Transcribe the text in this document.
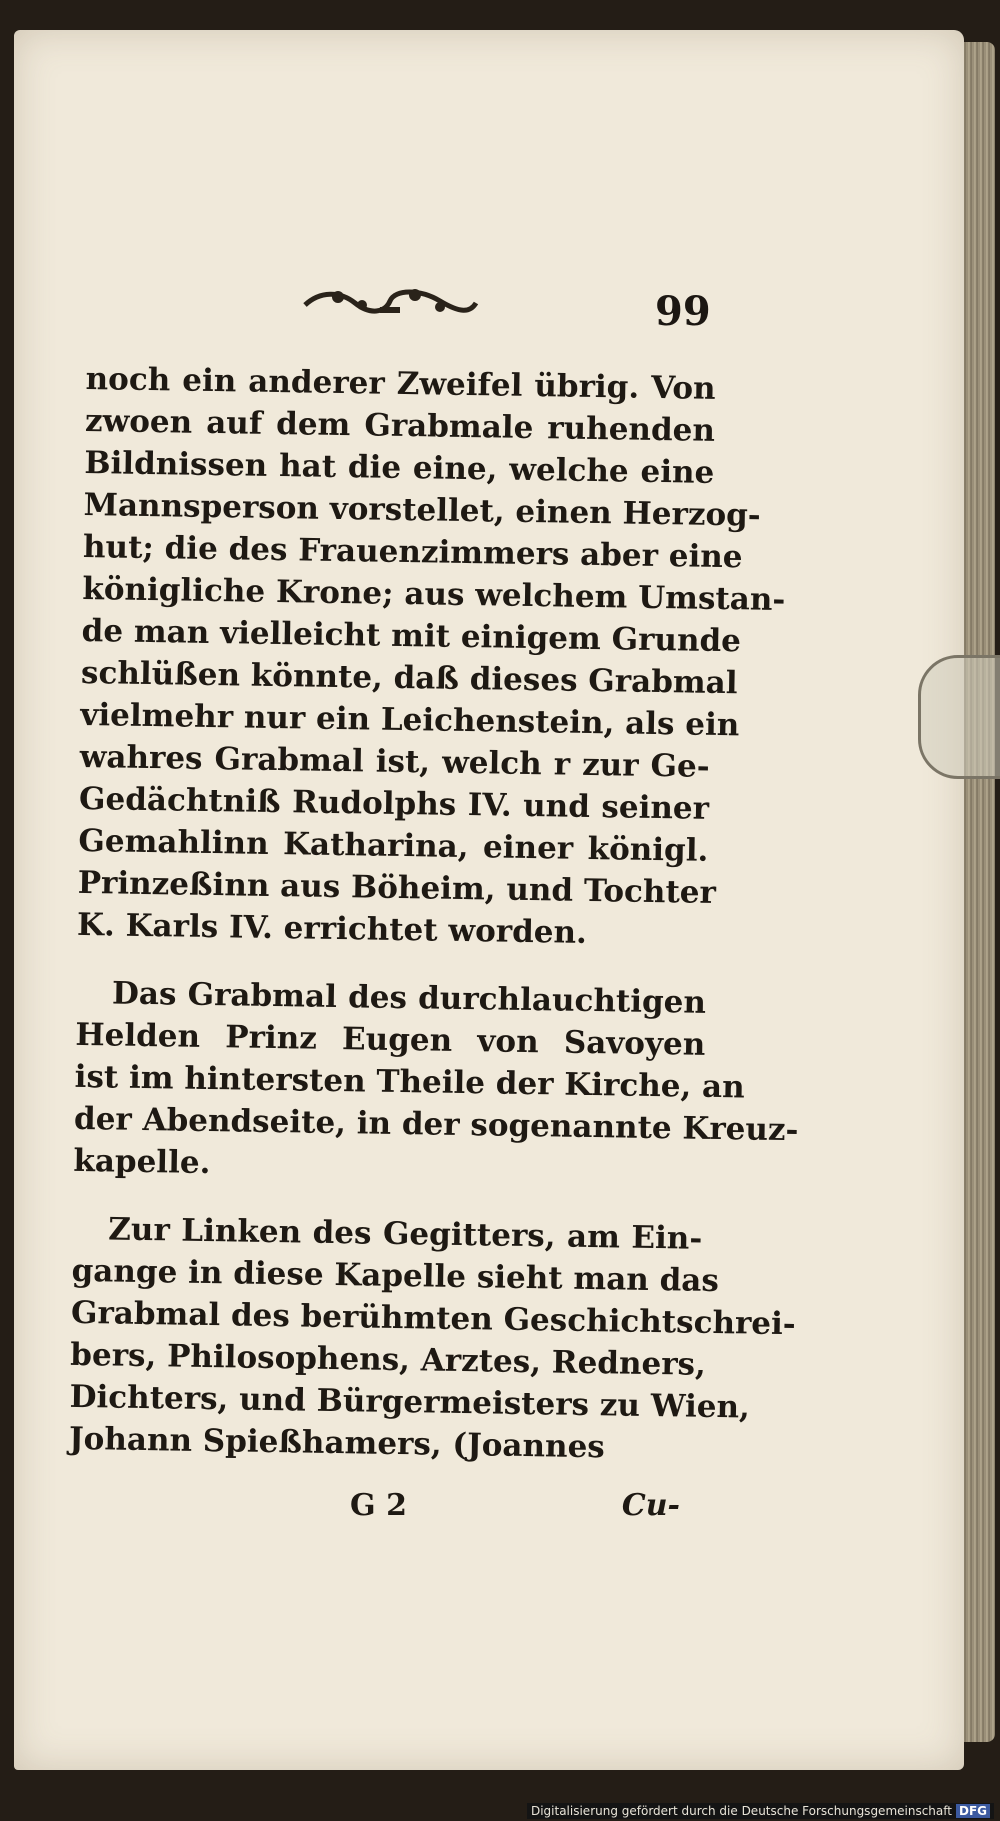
99
noch ein anderer Zweifel übrig. Von
zwoen auf dem Grabmale ruhenden
Bildnissen hat die eine, welche eine
Mannsperson vorstellet, einen Herzog-
hut; die des Frauenzimmers aber eine
königliche Krone; aus welchem Umstan-
de man vielleicht mit einigem Grunde
schlüßen könnte, daß dieses Grabmal
vielmehr nur ein Leichenstein, als ein
wahres Grabmal ist, welch r zur Ge-
Gedächtniß Rudolphs IV. und seiner
Gemahlinn Katharina, einer königl.
Prinzeßinn aus Böheim, und Tochter
K. Karls IV. errichtet worden.
Das Grabmal des durchlauchtigen
Helden Prinz Eugen von Savoyen
ist im hintersten Theile der Kirche, an
der Abendseite, in der sogenannte Kreuz-
kapelle.
Zur Linken des Gegitters, am Ein-
gange in diese Kapelle sieht man das
Grabmal des berühmten Geschichtschrei-
bers, Philosophens, Arztes, Redners,
Dichters, und Bürgermeisters zu Wien,
Johann Spießhamers, (Joannes
G 2	Cu-
Digitalisierung gefördert durch die Deutsche Forschungsgemeinschaft DFG
